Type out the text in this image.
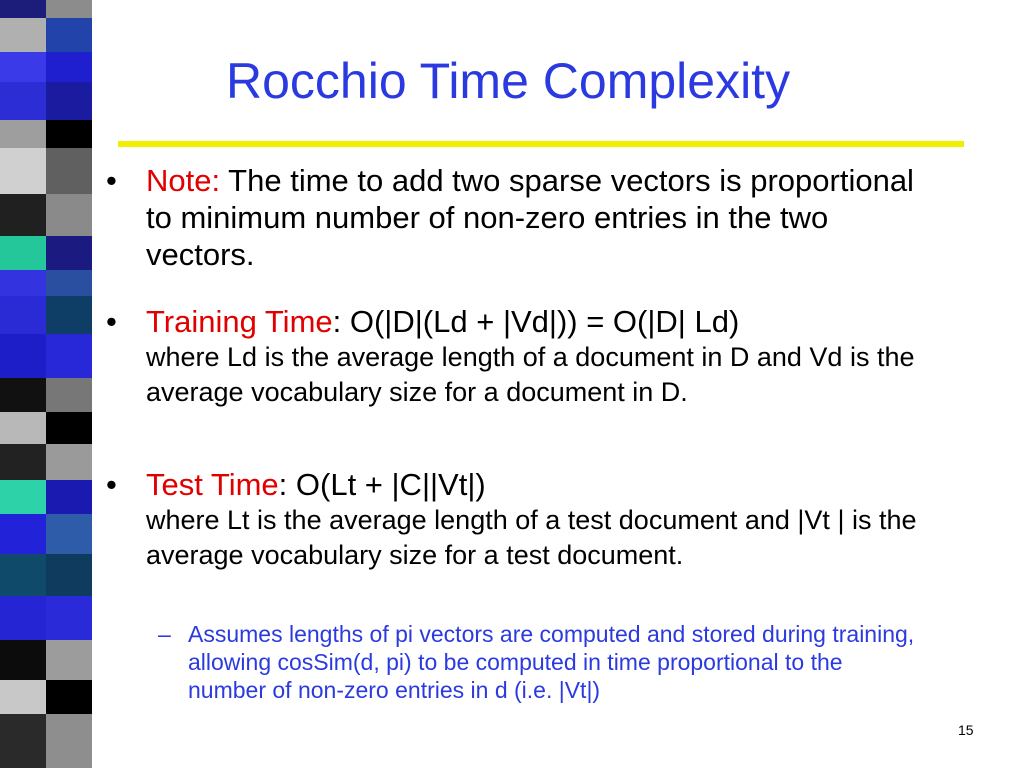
Rocchio Time Complexity
• Note: The time to add two sparse vectors is proportional to minimum number of non-zero entries in the two vectors.
• Training Time: O(|D|(Ld + |Vd|)) = O(|D| Ld)
where Ld is the average length of a document in D and Vd is the average vocabulary size for a document in D.
• Test Time: O(Lt + |C||Vt|)
where Lt is the average length of a test document and |Vt | is the average vocabulary size for a test document.
– Assumes lengths of pi vectors are computed and stored during training, allowing cosSim(d, pi) to be computed in time proportional to the number of non-zero entries in d (i.e. |Vt|)
15
